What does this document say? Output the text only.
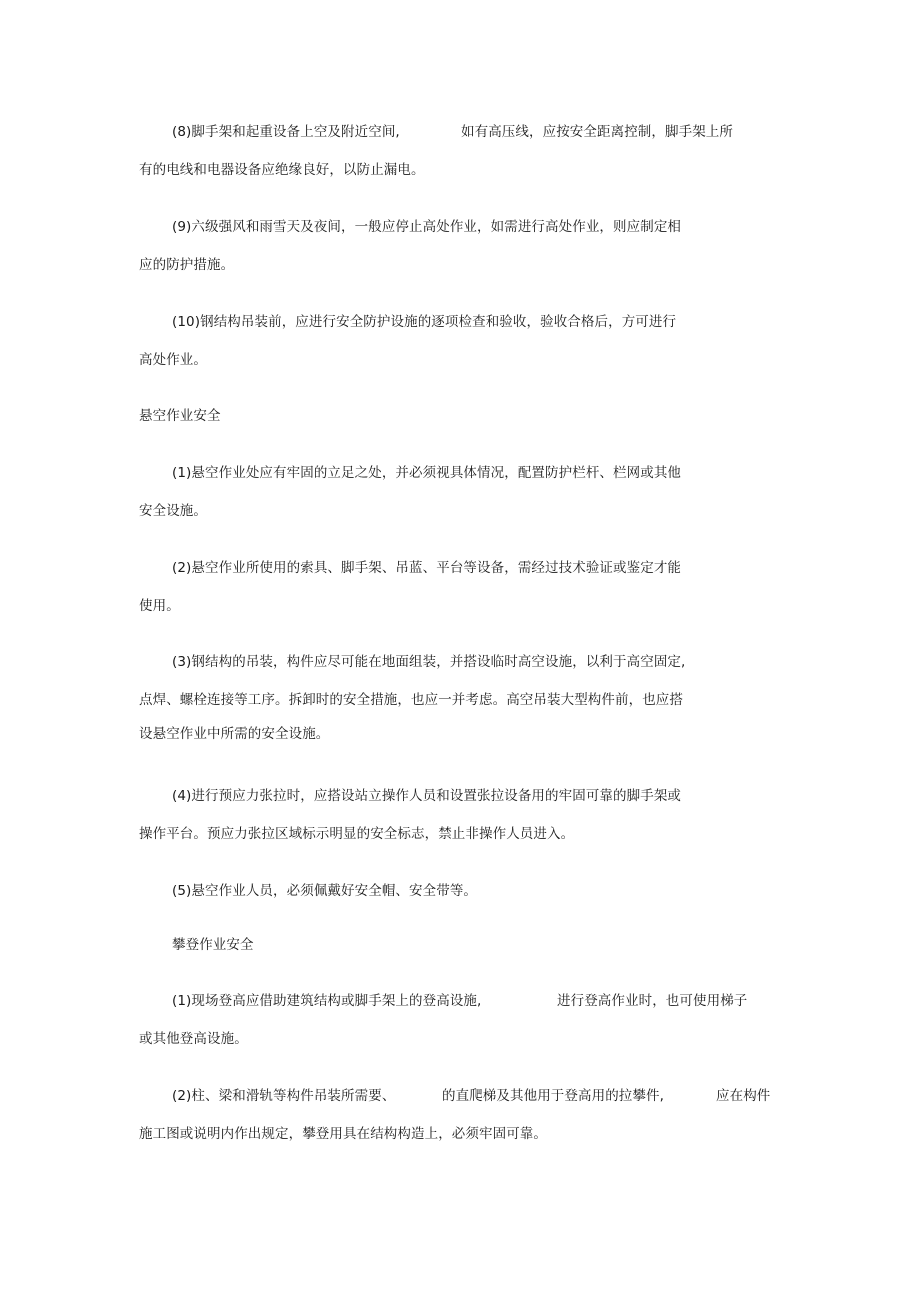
(8)脚手架和起重设备上空及附近空间,	如有高压线，应按安全距离控制，脚手架上所
有的电线和电器设备应绝缘良好，以防止漏电。
(9)六级强风和雨雪天及夜间，一般应停止高处作业，如需进行高处作业，则应制定相
应的防护措施。
(10)钢结构吊装前，应进行安全防护设施的逐项检查和验收，验收合格后，方可进行
高处作业。
悬空作业安全
(1)悬空作业处应有牢固的立足之处，并必须视具体情况，配置防护栏杆、栏网或其他
安全设施。
(2)悬空作业所使用的索具、脚手架、吊蓝、平台等设备，需经过技术验证或鉴定才能
使用。
(3)钢结构的吊装，构件应尽可能在地面组装，并搭设临时高空设施，以利于高空固定,
点焊、螺栓连接等工序。拆卸时的安全措施，也应一并考虑。高空吊装大型构件前，也应搭
设悬空作业中所需的安全设施。
(4)进行预应力张拉时，应搭设站立操作人员和设置张拉设备用的牢固可靠的脚手架或
操作平台。预应力张拉区域标示明显的安全标志，禁止非操作人员进入。
(5)悬空作业人员，必须佩戴好安全帽、安全带等。
攀登作业安全
(1)现场登高应借助建筑结构或脚手架上的登高设施,	进行登高作业时，也可使用梯子
或其他登高设施。
(2)柱、梁和滑轨等构件吊装所需要、	的直爬梯及其他用于登高用的拉攀件,	应在构件
施工图或说明内作出规定，攀登用具在结构构造上，必须牢固可靠。
